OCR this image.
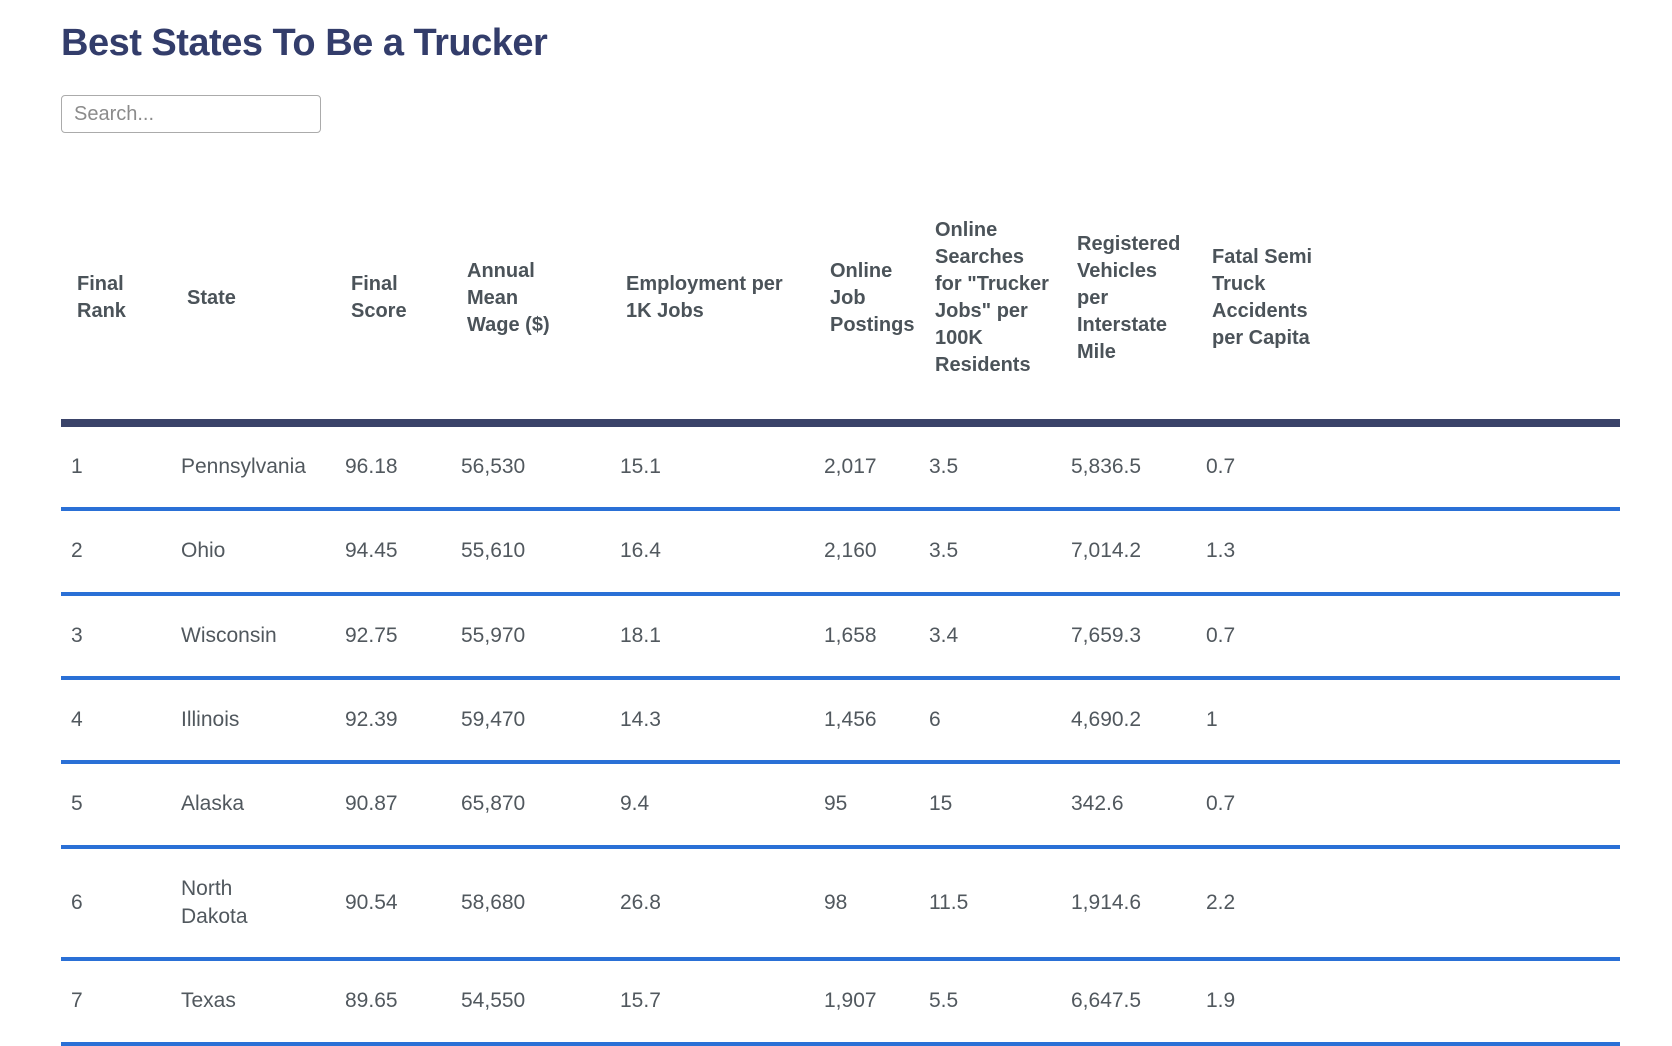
Best States To Be a Trucker
Search...
Final Rank	State	Final Score	Annual Mean Wage ($)	Employment per 1K Jobs	Online Job Postings	Online Searches for "Trucker Jobs" per 100K Residents	Registered Vehicles per Interstate Mile	Fatal Semi Truck Accidents per Capita

1	Pennsylvania	96.18	56,530	15.1	2,017	3.5	5,836.5	0.7

2	Ohio	94.45	55,610	16.4	2,160	3.5	7,014.2	1.3

3	Wisconsin	92.75	55,970	18.1	1,658	3.4	7,659.3	0.7

4	Illinois	92.39	59,470	14.3	1,456	6	4,690.2	1

5	Alaska	90.87	65,870	9.4	95	15	342.6	0.7

6	North Dakota	90.54	58,680	26.8	98	11.5	1,914.6	2.2

7	Texas	89.65	54,550	15.7	1,907	5.5	6,647.5	1.9
